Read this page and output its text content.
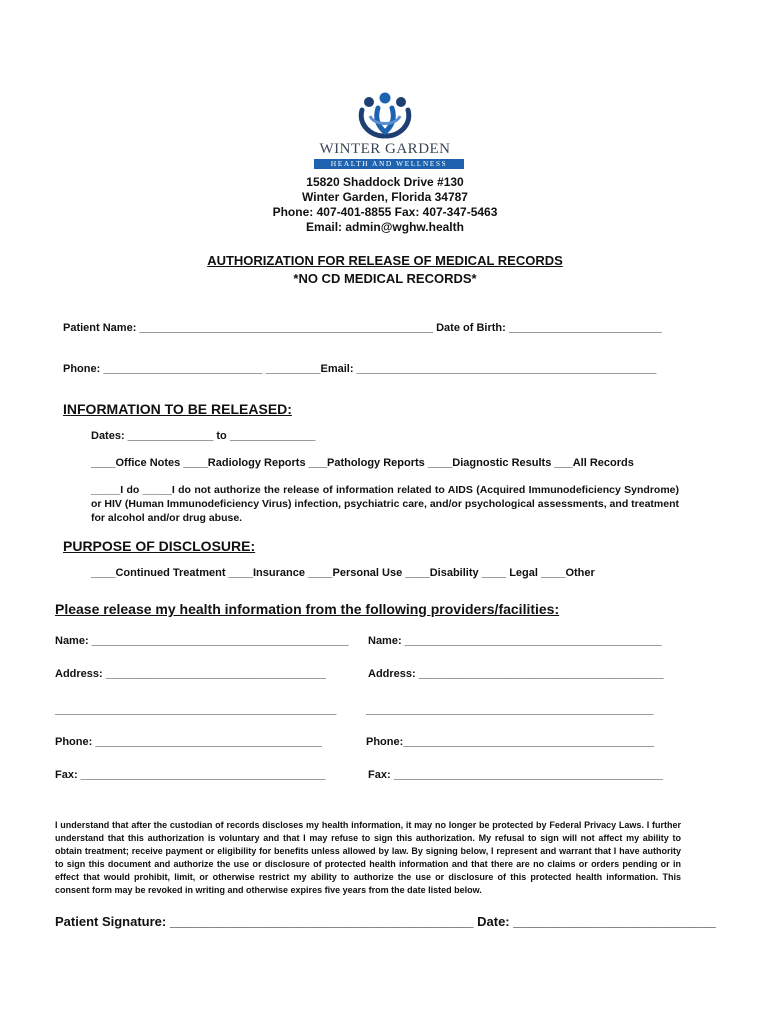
WINTER GARDEN
HEALTH AND WELLNESS
15820 Shaddock Drive #130
Winter Garden, Florida 34787
Phone: 407-401-8855 Fax: 407-347-5463
Email: admin@wghw.health
AUTHORIZATION FOR RELEASE OF MEDICAL RECORDS
*NO CD MEDICAL RECORDS*
Patient Name: ________________________________________________ Date of Birth: _________________________
Phone: __________________________ _________Email: _________________________________________________
INFORMATION TO BE RELEASED:
Dates: ______________ to ______________
____Office Notes ____Radiology Reports ___Pathology Reports ____Diagnostic Results ___All Records
_____I do _____I do not authorize the release of information related to AIDS (Acquired Immunodeficiency Syndrome) or HIV (Human Immunodeficiency Virus) infection, psychiatric care, and/or psychological assessments, and treatment for alcohol and/or drug abuse.
PURPOSE OF DISCLOSURE:
____Continued Treatment ____Insurance ____Personal Use ____Disability ____ Legal ____Other
Please release my health information from the following providers/facilities:
Name: __________________________________________
Address: ____________________________________
______________________________________________
Phone: _____________________________________
Fax: ________________________________________
Name: __________________________________________
Address: ________________________________________
_______________________________________________
Phone:_________________________________________
Fax: ____________________________________________
I understand that after the custodian of records discloses my health information, it may no longer be protected by Federal Privacy Laws. I further understand that this authorization is voluntary and that I may refuse to sign this authorization. My refusal to sign will not affect my ability to obtain treatment; receive payment or eligibility for benefits unless allowed by law. By signing below, I represent and warrant that I have authority to sign this document and authorize the use or disclosure of protected health information and that there are no claims or orders pending or in effect that would prohibit, limit, or otherwise restrict my ability to authorize the use or disclosure of this protected health information. This consent form may be revoked in writing and otherwise expires five years from the date listed below.
Patient Signature: __________________________________________ Date: ____________________________
